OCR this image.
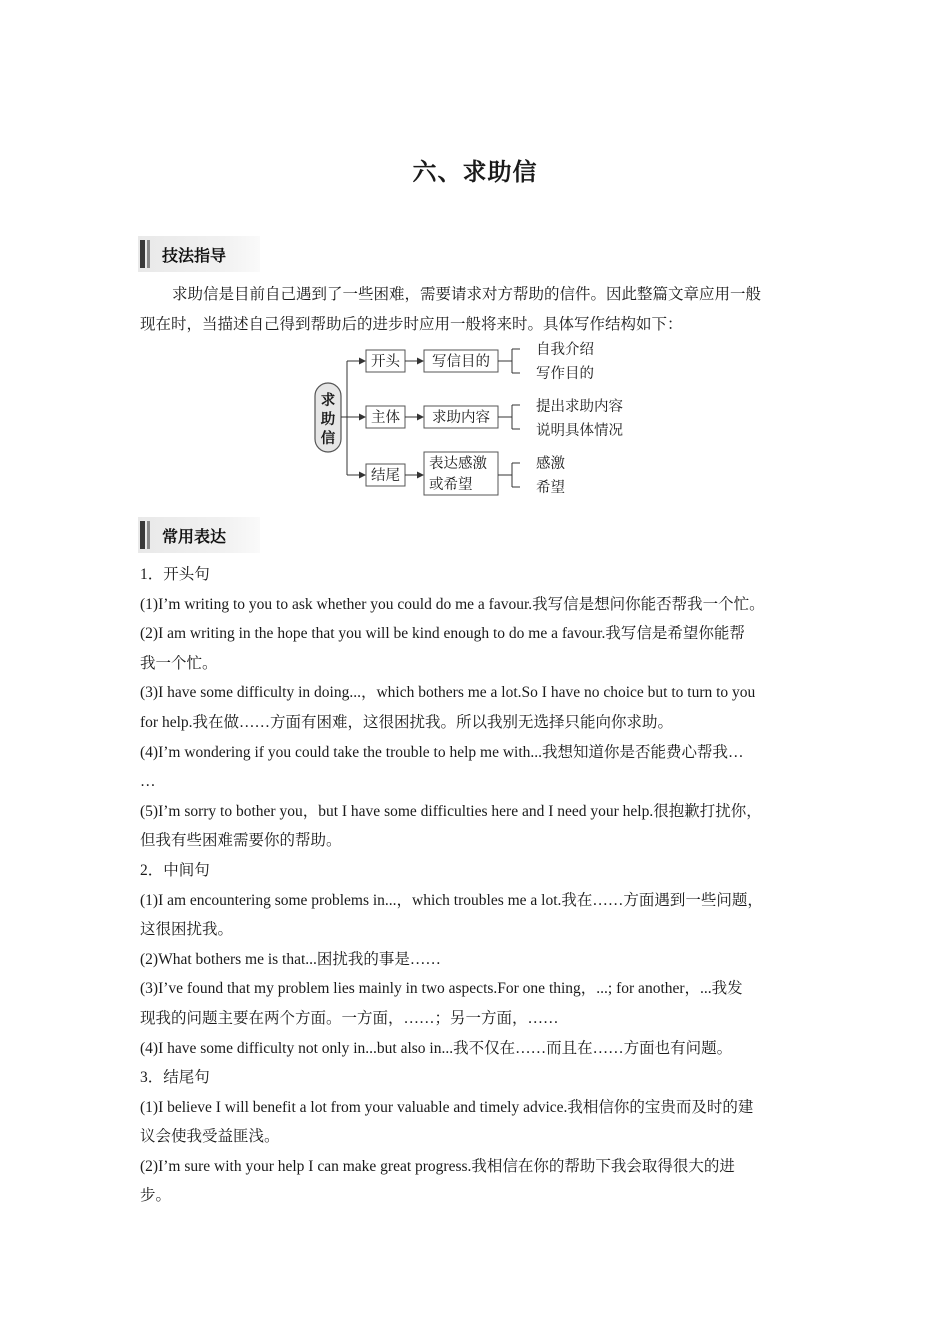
六、求助信
技法指导
求助信是目前自己遇到了一些困难，需要请求对方帮助的信件。因此整篇文章应用一般
现在时，当描述自己得到帮助后的进步时应用一般将来时。具体写作结构如下：
求
助
信
开头 写信目的
自我介绍
写作目的
主体 求助内容
提出求助内容
说明具体情况
结尾
表达感激
或希望
感激
希望
常用表达
1．开头句
(1)I’m writing to you to ask whether you could do me a favour.我写信是想问你能否帮我一个忙。
(2)I am writing in the hope that you will be kind enough to do me a favour.我写信是希望你能帮
我一个忙。
(3)I have some difficulty in doing...，which bothers me a lot.So I have no choice but to turn to you
for help.我在做……方面有困难，这很困扰我。所以我别无选择只能向你求助。
(4)I’m wondering if you could take the trouble to help me with...我想知道你是否能费心帮我…
…
(5)I’m sorry to bother you，but I have some difficulties here and I need your help.很抱歉打扰你，
但我有些困难需要你的帮助。
2．中间句
(1)I am encountering some problems in...，which troubles me a lot.我在……方面遇到一些问题，
这很困扰我。
(2)What bothers me is that...困扰我的事是……
(3)I’ve found that my problem lies mainly in two aspects.For one thing，...; for another，...我发
现我的问题主要在两个方面。一方面，……；另一方面，……
(4)I have some difficulty not only in...but also in...我不仅在……而且在……方面也有问题。
3．结尾句
(1)I believe I will benefit a lot from your valuable and timely advice.我相信你的宝贵而及时的建
议会使我受益匪浅。
(2)I’m sure with your help I can make great progress.我相信在你的帮助下我会取得很大的进
步。
